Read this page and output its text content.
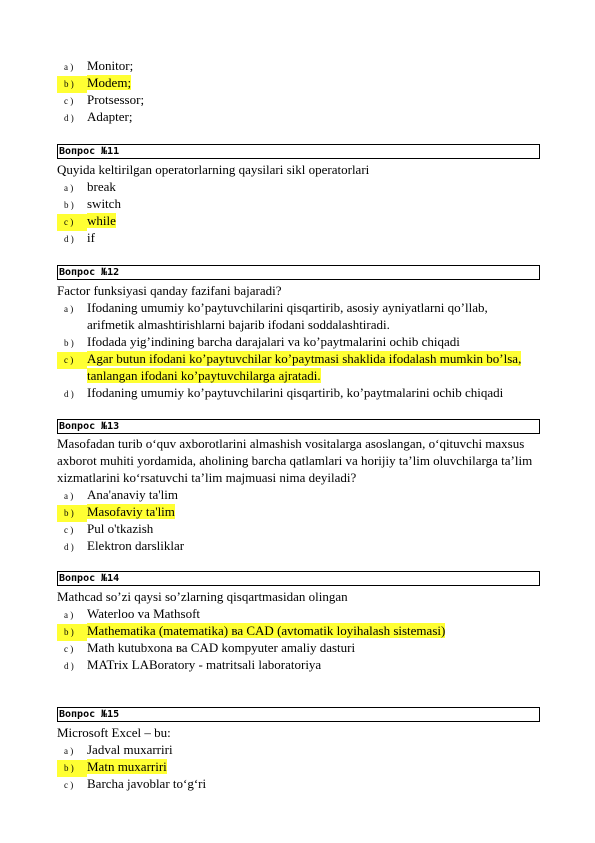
a ) Monitor;
b ) Modem;
c ) Protsessor;
d ) Adapter;
Вопрос №11
Quyida keltirilgan operatorlarning qaysilari sikl operatorlari
a ) break
b ) switch
c ) while
d ) if
Вопрос №12
Factor funksiyasi qanday fazifani bajaradi?
a ) Ifodaning umumiy ko’paytuvchilarini qisqartirib, asosiy ayniyatlarni qo’llab, arifmetik almashtirishlarni bajarib ifodani soddalashtiradi.
b ) Ifodada yig’indining barcha darajalari va ko’paytmalarini ochib chiqadi
c ) Agar butun ifodani ko’paytuvchilar ko’paytmasi shaklida ifodalash mumkin bo’lsa, tanlangan ifodani ko’paytuvchilarga ajratadi.
d ) Ifodaning umumiy ko’paytuvchilarini qisqartirib, ko’paytmalarini ochib chiqadi
Вопрос №13
Masofadan turib o‘quv axborotlarini almashish vositalarga asoslangan, o‘qituvchi maxsus axborot muhiti yordamida, aholining barcha qatlamlari va horijiy ta’lim oluvchilarga ta’lim xizmatlarini ko‘rsatuvchi ta’lim majmuasi nima deyiladi?
a ) Ana'anaviy ta'lim
b ) Masofaviy ta'lim
c ) Pul o'tkazish
d ) Elektron darsliklar
Вопрос №14
Mathcad so’zi qaysi so’zlarning qisqartmasidan olingan
a ) Waterloo va Mathsoft
b ) Mathematika (matematika) ва CAD (avtomatik loyihalash sistemasi)
c ) Math kutubxona ва CAD kompyuter amaliy dasturi
d ) MATrix LABoratory - matritsali laboratoriya
Вопрос №15
Microsoft Excel – bu:
a ) Jadval muxarriri
b ) Matn muxarriri
c ) Barcha javoblar to‘g‘ri
